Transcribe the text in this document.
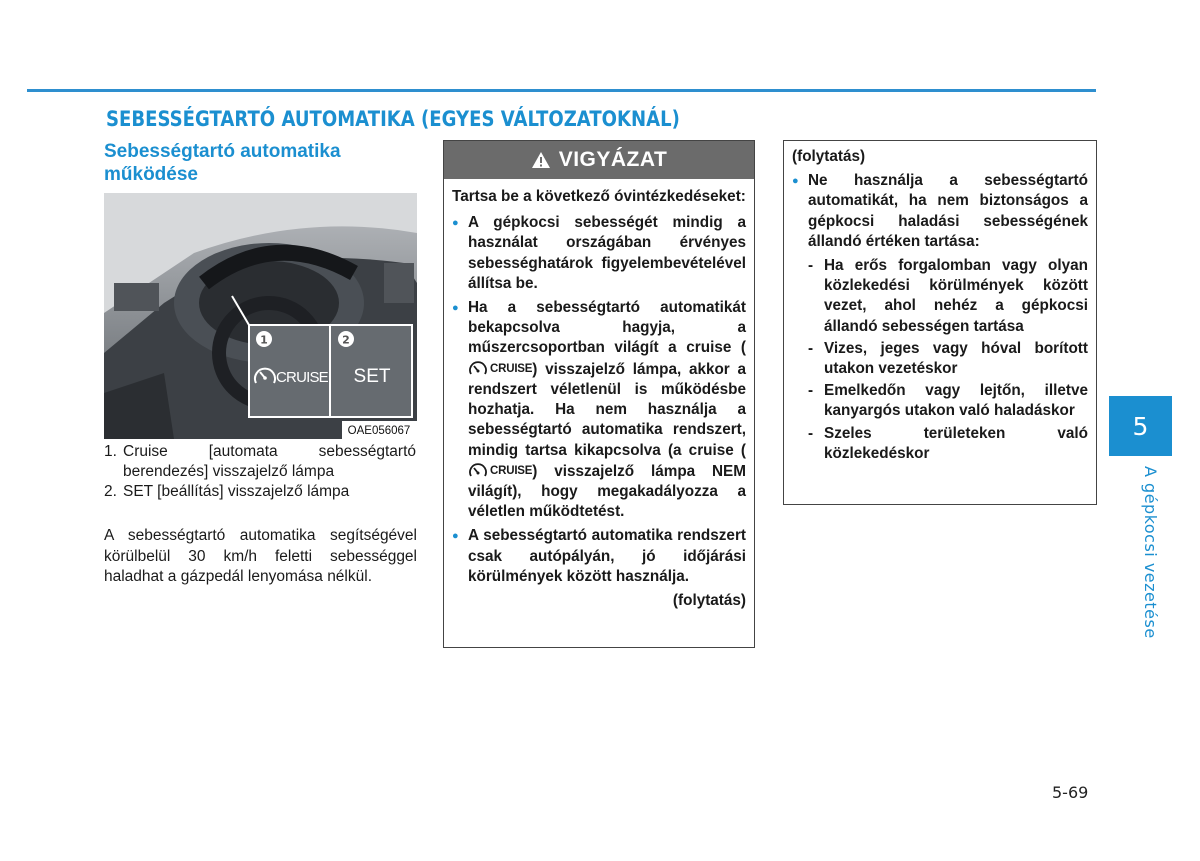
SEBESSÉGTARTÓ AUTOMATIKA (EGYES VÁLTOZATOKNÁL)
Sebességtartó automatika működése
1	2
CRUISE SET
OAE056067
1. Cruise [automata sebességtartó berendezés] visszajelző lámpa
2. SET [beállítás] visszajelző lámpa

A sebességtartó automatika segítségével körülbelül 30 km/h feletti sebességgel haladhat a gázpedál lenyomása nélkül.

VIGYÁZAT

Tartsa be a következő óvintézkedéseket:

● A gépkocsi sebességét mindig a használat országában érvényes sebességhatárok figyelembevételével állítsa be.
● Ha a sebességtartó automatikát bekapcsolva hagyja, a műszercsoportban világít a cruise (
CRUISE ) visszajelző lámpa, akkor a rendszert véletlenül is működésbe hozhatja. Ha nem használja a sebességtartó automatika rendszert, mindig tartsa kikapcsolva (a cruise (
CRUISE ) visszajelző lámpa NEM világít), hogy megakadályozza a véletlen működtetést.
● A sebességtartó automatika rendszert csak autópályán, jó időjárási körülmények között használja.
(folytatás)

(folytatás)

● Ne használja a sebességtartó automatikát, ha nem biztonságos a gépkocsi haladási sebességének állandó értéken tartása:
- Ha erős forgalomban vagy olyan közlekedési körülmények között vezet, ahol nehéz a gépkocsi állandó sebességen tartása
- Vizes, jeges vagy hóval borított utakon vezetéskor
- Emelkedőn vagy lejtőn, illetve kanyargós utakon való haladáskor
- Szeles területeken való közlekedéskor
5
A gépkocsi vezetése
5-69
